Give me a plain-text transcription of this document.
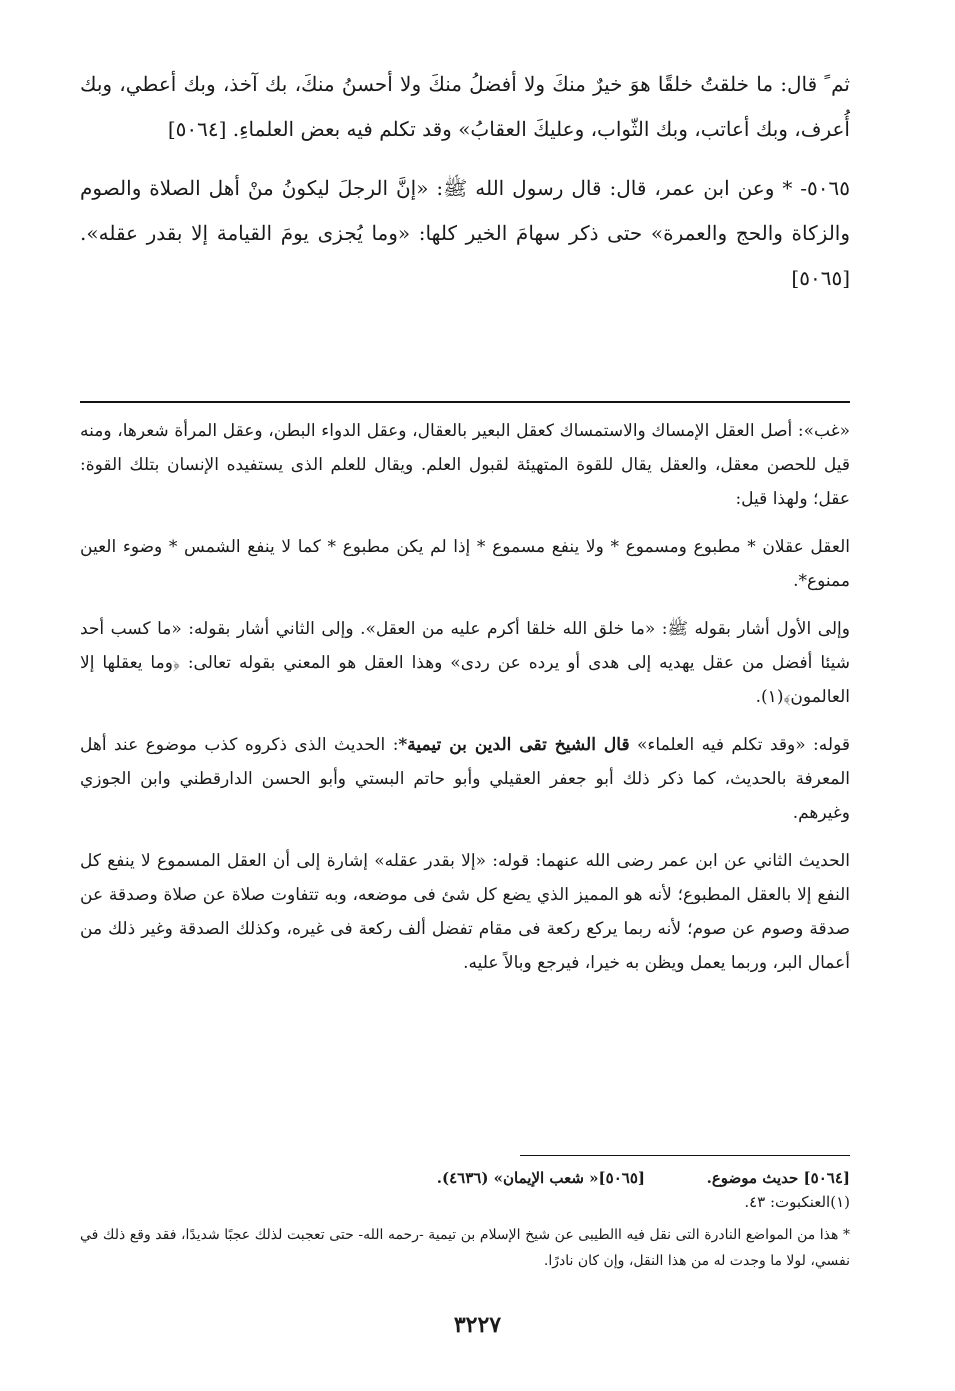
ثم ً قال: ما خلقتُ خلقًا هوَ خيرٌ منكَ ولا أفضلُ منكَ ولا أحسنُ منكَ، بك آخذ، وبك أعطي، وبك أُعرف، وبك أعاتب، وبك الثّواب، وعليكَ العقابُ» وقد تكلم فيه بعض العلماءِ. [٥٠٦٤]

٥٠٦٥- * وعن ابن عمر، قال: قال رسول الله ﷺ: «إنَّ الرجلَ ليكونُ منْ أهل الصلاة والصوم والزكاة والحج والعمرة» حتى ذكر سهامَ الخير كلها: «وما يُجزى يومَ القيامة إلا بقدر عقله». [٥٠٦٥]

«غب»: أصل العقل الإمساك والاستمساك كعقل البعير بالعقال، وعقل الدواء البطن، وعقل المرأة شعرها، ومنه قيل للحصن معقل، والعقل يقال للقوة المتهيئة لقبول العلم. ويقال للعلم الذى يستفيده الإنسان بتلك القوة: عقل؛ ولهذا قيل:

العقل عقلان * مطبوع ومسموع * ولا ينفع مسموع * إذا لم يكن مطبوع * كما لا ينفع الشمس * وضوء العين ممنوع*.

وإلى الأول أشار بقوله ﷺ: «ما خلق الله خلقا أكرم عليه من العقل». وإلى الثاني أشار بقوله: «ما كسب أحد شيئا أفضل من عقل يهديه إلى هدى أو يرده عن ردى» وهذا العقل هو المعني بقوله تعالى: ﴿وما يعقلها إلا العالمون﴾(١).

قوله: «وقد تكلم فيه العلماء» قال الشيخ تقى الدين بن تيمية*: الحديث الذى ذكروه كذب موضوع عند أهل المعرفة بالحديث، كما ذكر ذلك أبو جعفر العقيلي وأبو حاتم البستي وأبو الحسن الدارقطني وابن الجوزي وغيرهم.

الحديث الثاني عن ابن عمر رضى الله عنهما: قوله: «إلا بقدر عقله» إشارة إلى أن العقل المسموع لا ينفع كل النفع إلا بالعقل المطبوع؛ لأنه هو المميز الذي يضع كل شئ فى موضعه، وبه تتفاوت صلاة عن صلاة وصدقة عن صدقة وصوم عن صوم؛ لأنه ربما يركع ركعة فى مقام تفضل ألف ركعة فى غيره، وكذلك الصدقة وغير ذلك من أعمال البر، وربما يعمل ويظن به خيرا، فيرجع وبالاً عليه.

[٥٠٦٤] حديث موضوع.
[٥٠٦٥]« شعب الإيمان» (٤٦٣٦).

(١)العنكبوت: ٤٣.

* هذا من المواضع النادرة التى نقل فيه االطيبى عن شيخ الإسلام بن تيمية -رحمه الله- حتى تعجبت لذلك عجبًا شديدًا، فقد وقع ذلك في نفسي، لولا ما وجدت له من هذا النقل، وإن كان نادرًا.

٣٢٢٧
